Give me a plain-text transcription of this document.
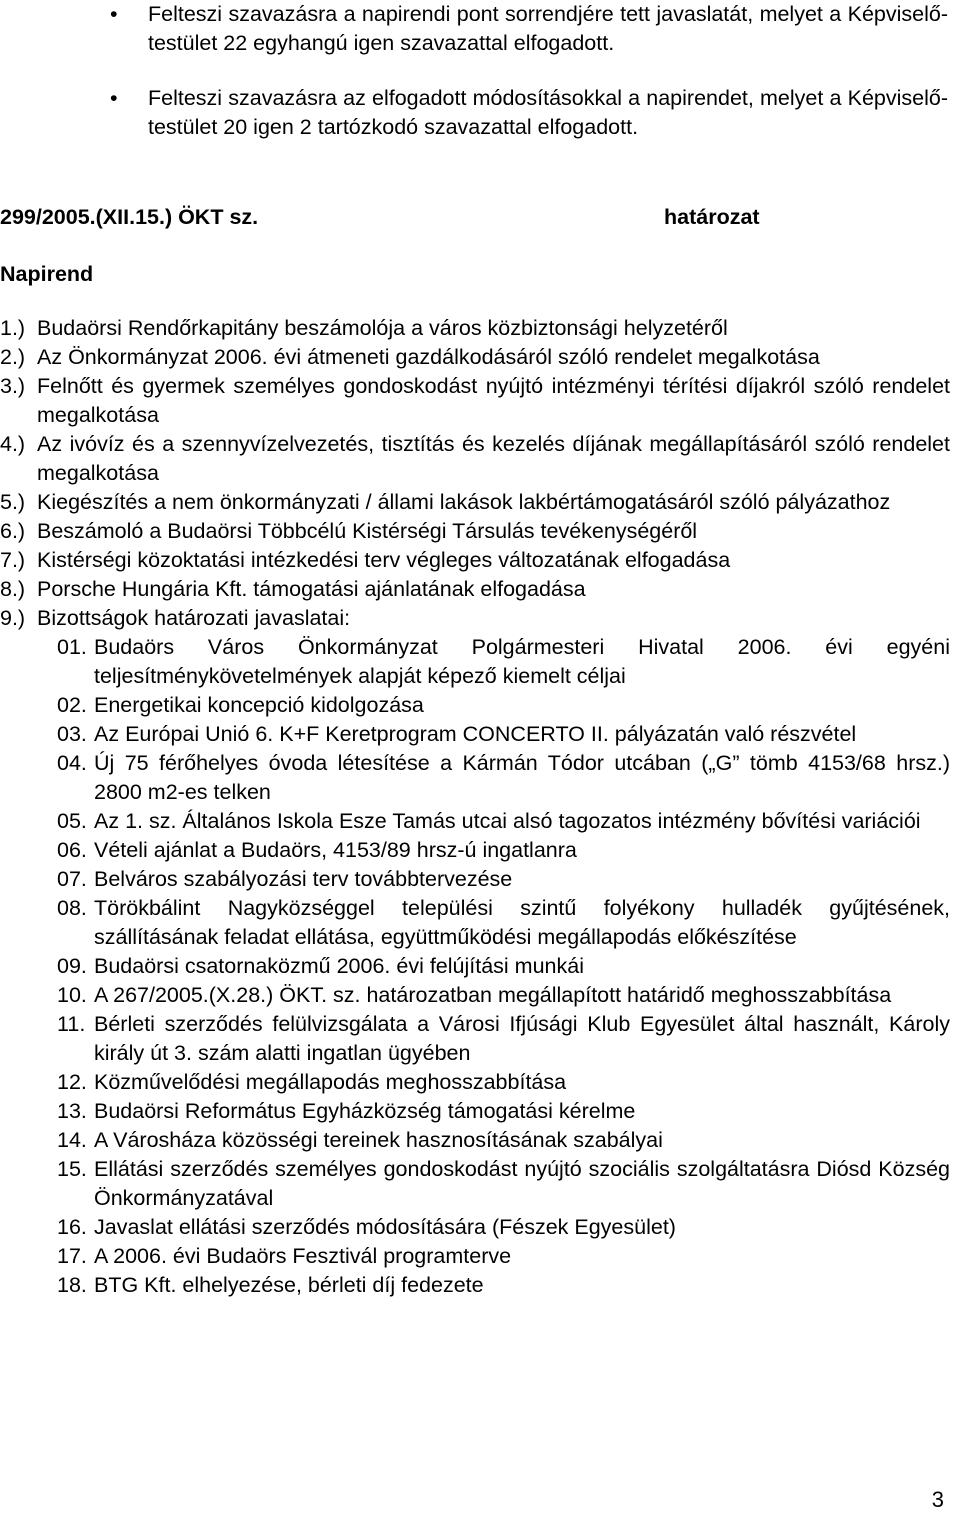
• Felteszi szavazásra a napirendi pont sorrendjére tett javaslatát, melyet a Képviselő-testület 22 egyhangú igen szavazattal elfogadott.
• Felteszi szavazásra az elfogadott módosításokkal a napirendet, melyet a Képviselő-testület 20 igen 2 tartózkodó szavazattal elfogadott.
299/2005.(XII.15.) ÖKT sz.	határozat
Napirend
1.) Budaörsi Rendőrkapitány beszámolója a város közbiztonsági helyzetéről
2.) Az Önkormányzat 2006. évi átmeneti gazdálkodásáról szóló rendelet megalkotása
3.) Felnőtt és gyermek személyes gondoskodást nyújtó intézményi térítési díjakról szóló rendelet megalkotása
4.) Az ivóvíz és a szennyvízelvezetés, tisztítás és kezelés díjának megállapításáról szóló rendelet megalkotása
5.) Kiegészítés a nem önkormányzati / állami lakások lakbértámogatásáról szóló pályázathoz
6.) Beszámoló a Budaörsi Többcélú Kistérségi Társulás tevékenységéről
7.) Kistérségi közoktatási intézkedési terv végleges változatának elfogadása
8.) Porsche Hungária Kft. támogatási ajánlatának elfogadása
9.) Bizottságok határozati javaslatai:
01. Budaörs Város Önkormányzat Polgármesteri Hivatal 2006. évi egyéni teljesítménykövetelmények alapját képező kiemelt céljai
02. Energetikai koncepció kidolgozása
03. Az Európai Unió 6. K+F Keretprogram CONCERTO II. pályázatán való részvétel
04. Új 75 férőhelyes óvoda létesítése a Kármán Tódor utcában („G” tömb 4153/68 hrsz.) 2800 m2-es telken
05. Az 1. sz. Általános Iskola Esze Tamás utcai alsó tagozatos intézmény bővítési variációi
06. Vételi ajánlat a Budaörs, 4153/89 hrsz-ú ingatlanra
07. Belváros szabályozási terv továbbtervezése
08. Törökbálint Nagyközséggel települési szintű folyékony hulladék gyűjtésének, szállításának feladat ellátása, együttműködési megállapodás előkészítése
09. Budaörsi csatornaközmű 2006. évi felújítási munkái
10. A 267/2005.(X.28.) ÖKT. sz. határozatban megállapított határidő meghosszabbítása
11. Bérleti szerződés felülvizsgálata a Városi Ifjúsági Klub Egyesület által használt, Károly király út 3. szám alatti ingatlan ügyében
12. Közművelődési megállapodás meghosszabbítása
13. Budaörsi Református Egyházközség támogatási kérelme
14. A Városháza közösségi tereinek hasznosításának szabályai
15. Ellátási szerződés személyes gondoskodást nyújtó szociális szolgáltatásra Diósd Község Önkormányzatával
16. Javaslat ellátási szerződés módosítására (Fészek Egyesület)
17. A 2006. évi Budaörs Fesztivál programterve
18. BTG Kft. elhelyezése, bérleti díj fedezete
3
